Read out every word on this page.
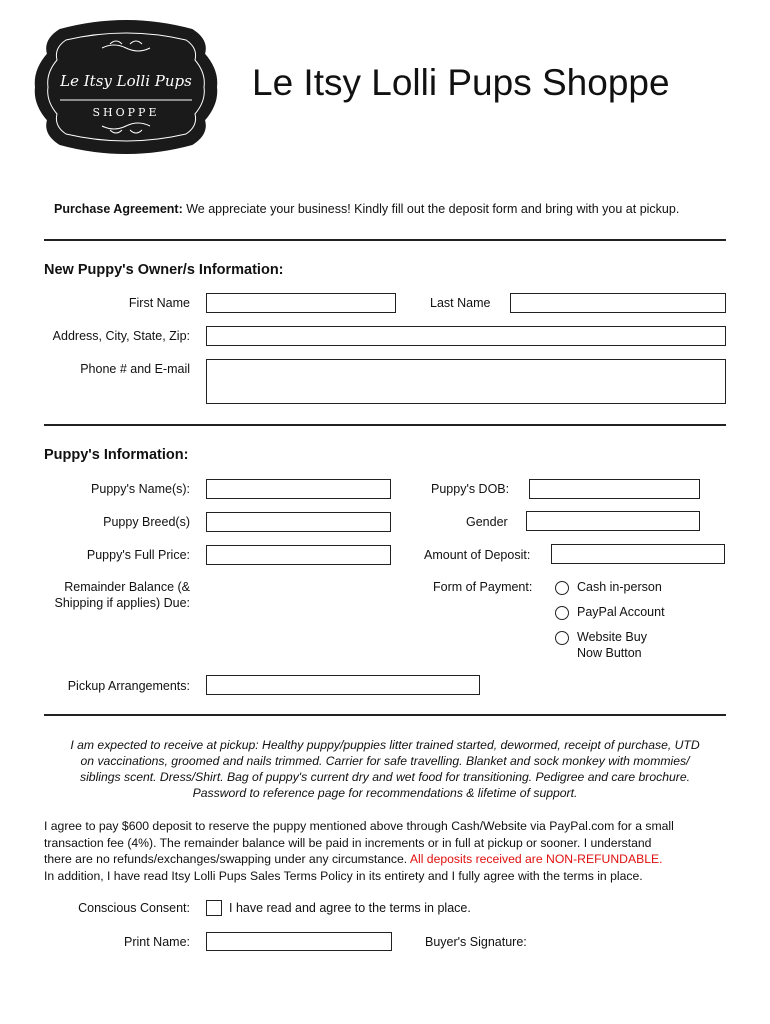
Le Itsy Lolli Pups
SHOPPE
Le Itsy Lolli Pups Shoppe
Purchase Agreement: We appreciate your business! Kindly fill out the deposit form and bring with you at pickup.
New Puppy's Owner/s Information:
First Name	Last Name
Address, City, State, Zip:
Phone # and E-mail
Puppy's Information:
Puppy's Name(s):	Puppy's DOB:
Puppy Breed(s)	Gender
Puppy's Full Price:	Amount of Deposit:
Remainder Balance (&
Shipping if applies) Due:
Form of Payment:	Cash in-person
PayPal Account
Website Buy
Now Button
Pickup Arrangements:
I am expected to receive at pickup: Healthy puppy/puppies litter trained started, dewormed, receipt of purchase, UTD
on vaccinations, groomed and nails trimmed. Carrier for safe travelling. Blanket and sock monkey with mommies/
siblings scent. Dress/Shirt. Bag of puppy's current dry and wet food for transitioning. Pedigree and care brochure.
Password to reference page for recommendations & lifetime of support.
I agree to pay $600 deposit to reserve the puppy mentioned above through Cash/Website via PayPal.com for a small
transaction fee (4%). The remainder balance will be paid in increments or in full at pickup or sooner. I understand
there are no refunds/exchanges/swapping under any circumstance. All deposits received are NON-REFUNDABLE.
In addition, I have read Itsy Lolli Pups Sales Terms Policy in its entirety and I fully agree with the terms in place.
Conscious Consent:	I have read and agree to the terms in place.
Print Name:	Buyer's Signature:
